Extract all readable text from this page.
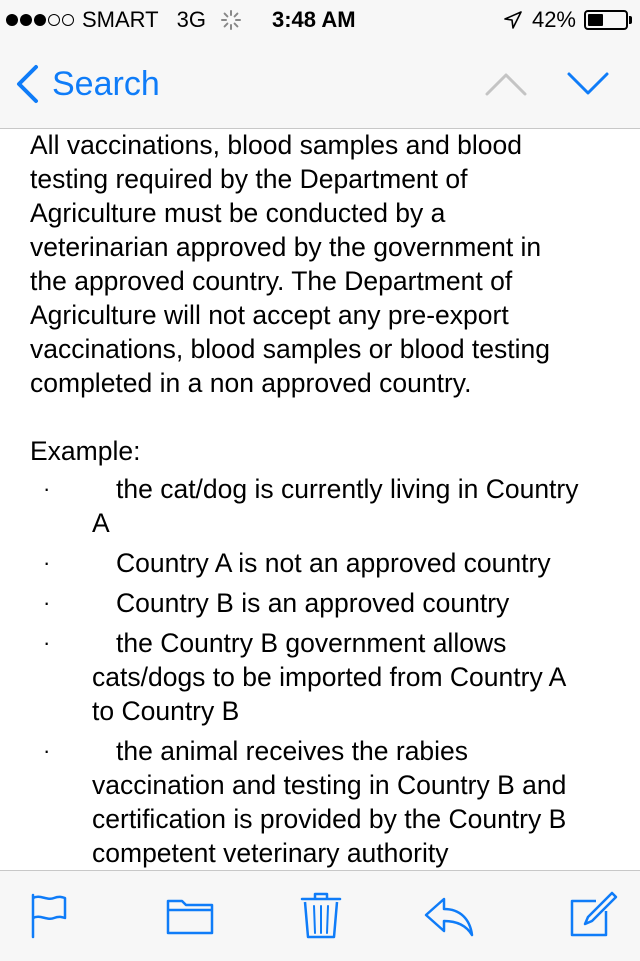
SMART 3G	3:48 AM	42%
Search

All vaccinations, blood samples and blood

testing required by the Department of

Agriculture must be conducted by a

veterinarian approved by the government in

the approved country. The Department of

Agriculture will not accept any pre-export

vaccinations, blood samples or blood testing

completed in a non approved country.

Example:

·	the cat/dog is currently living in Country
A
·	Country A is not an approved country
·	Country B is an approved country
·	the Country B government allows
cats/dogs to be imported from Country A
to Country B
·	the animal receives the rabies
vaccination and testing in Country B and
certification is provided by the Country B
competent veterinary authority
